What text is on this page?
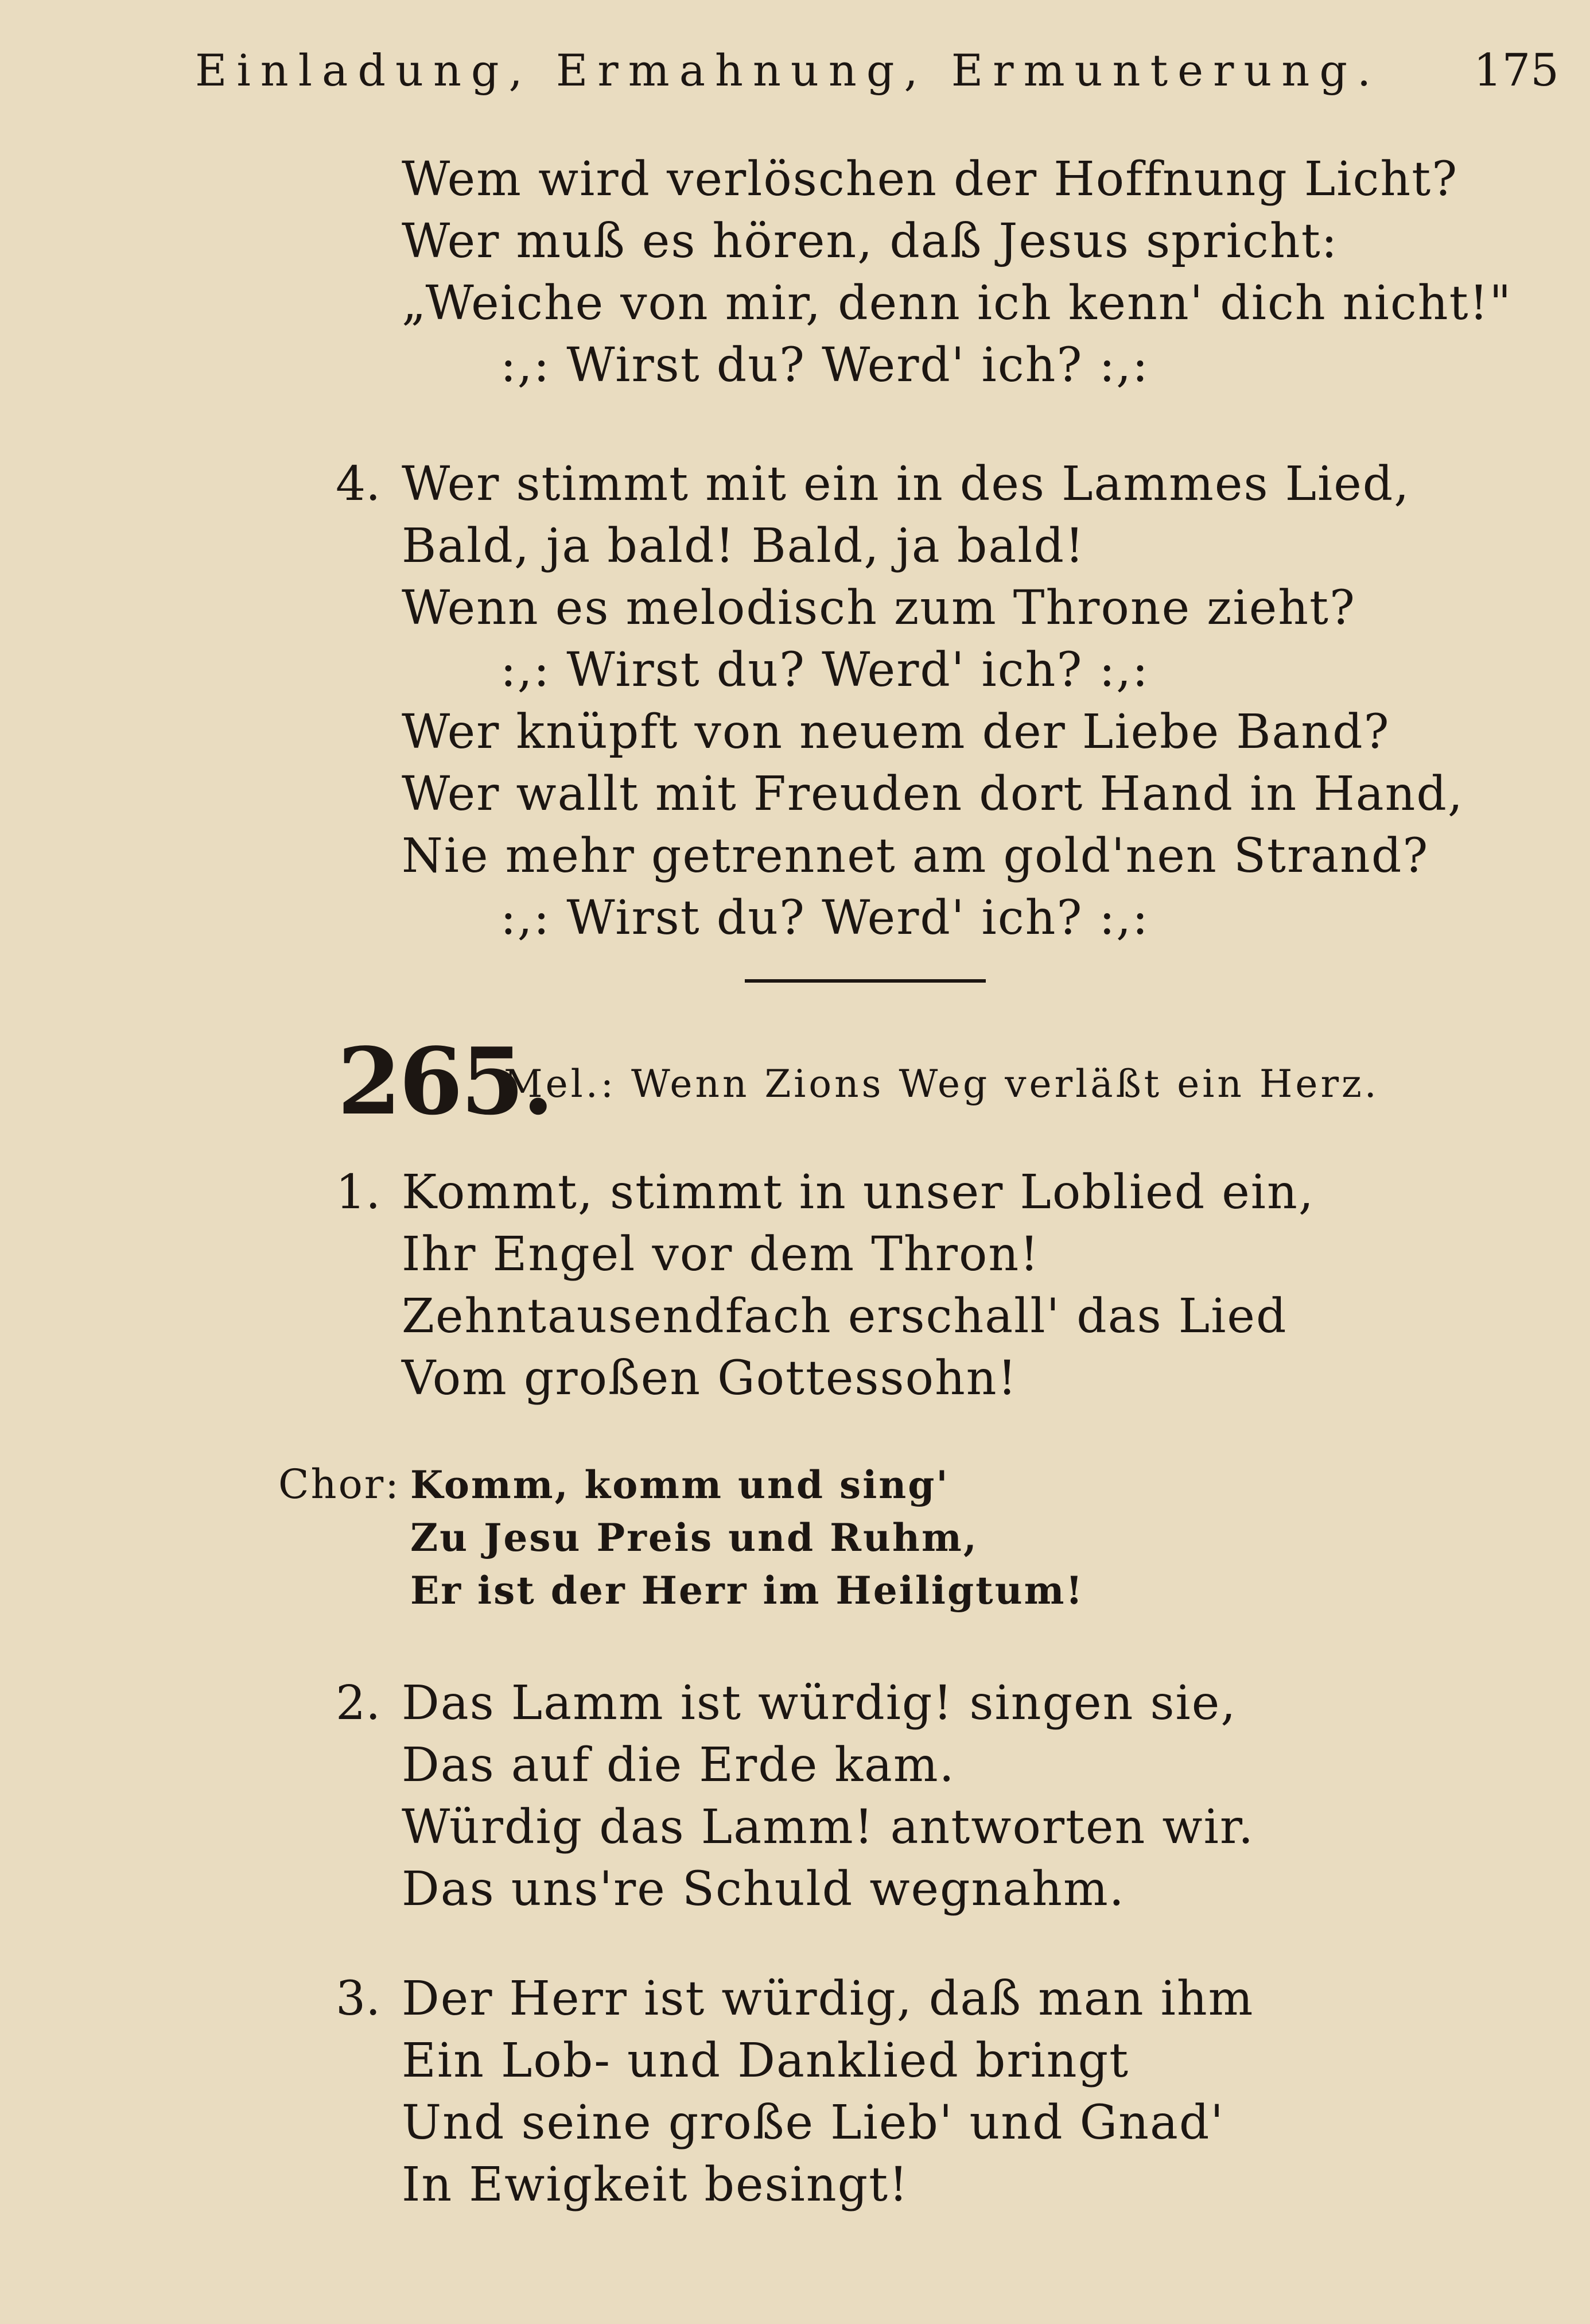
Einladung, Ermahnung, Ermunterung. 175
Wem wird verlöschen der Hoffnung Licht?
Wer muß es hören, daß Jesus spricht:
„Weiche von mir, denn ich kenn' dich nicht!"
:,: Wirst du? Werd' ich? :,:
4. Wer stimmt mit ein in des Lammes Lied,
Bald, ja bald! Bald, ja bald!
Wenn es melodisch zum Throne zieht?
:,: Wirst du? Werd' ich? :,:
Wer knüpft von neuem der Liebe Band?
Wer wallt mit Freuden dort Hand in Hand,
Nie mehr getrennet am gold'nen Strand?
:,: Wirst du? Werd' ich? :,:
265.
Mel.: Wenn Zions Weg verläßt ein Herz.
1. Kommt, stimmt in unser Loblied ein,
Ihr Engel vor dem Thron!
Zehntausendfach erschall' das Lied
Vom großen Gottessohn!
Chor: Komm, komm und sing'
Zu Jesu Preis und Ruhm,
Er ist der Herr im Heiligtum!
2. Das Lamm ist würdig! singen sie,
Das auf die Erde kam.
Würdig das Lamm! antworten wir.
Das uns're Schuld wegnahm.
3. Der Herr ist würdig, daß man ihm
Ein Lob- und Danklied bringt
Und seine große Lieb' und Gnad'
In Ewigkeit besingt!
